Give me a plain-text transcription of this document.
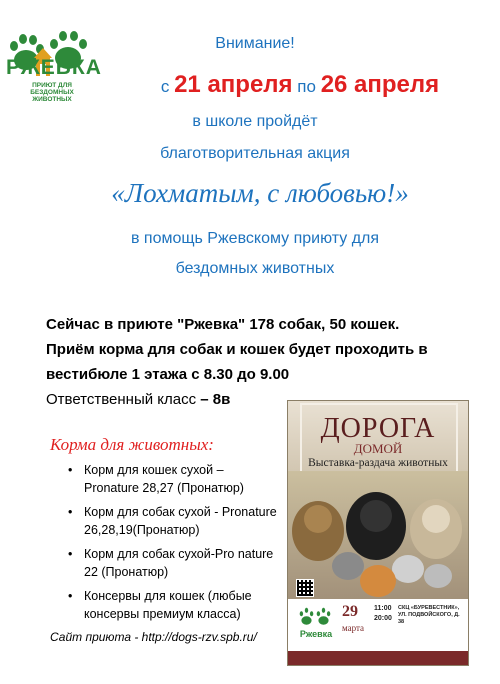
РЖЕВКА
ПРИЮТ ДЛЯ БЕЗДОМНЫХ ЖИВОТНЫХ
Внимание!
с 21 апреля по 26 апреля
в школе пройдёт
благотворительная акция
«Лохматым, с любовью!»
в помощь Ржевскому приюту для
бездомных животных
Сейчас в приюте "Ржевка" 178 собак, 50 кошек.
Приём корма для собак и кошек будет проходить в
вестибюле 1 этажа с 8.30 до 9.00
Ответственный класс – 8в
Корма для животных:
• Корм для кошек сухой – Pronature 28,27 (Пронатюр)
• Корм для собак сухой - Pronature 26,28,19(Пронатюр)
• Корм для собак сухой-Pro nature 22 (Пронатюр)
• Консервы для кошек (любые консервы премиум класса)
Сайт приюта - http://dogs-rzv.spb.ru/
ДОРОГА
ДОМОЙ
Выставка-раздача животных
Ржевка
29
марта
11:00
20:00
СКЦ «БУРЕВЕСТНИК», УЛ. ПОДВОЙСКОГО, Д. 38
